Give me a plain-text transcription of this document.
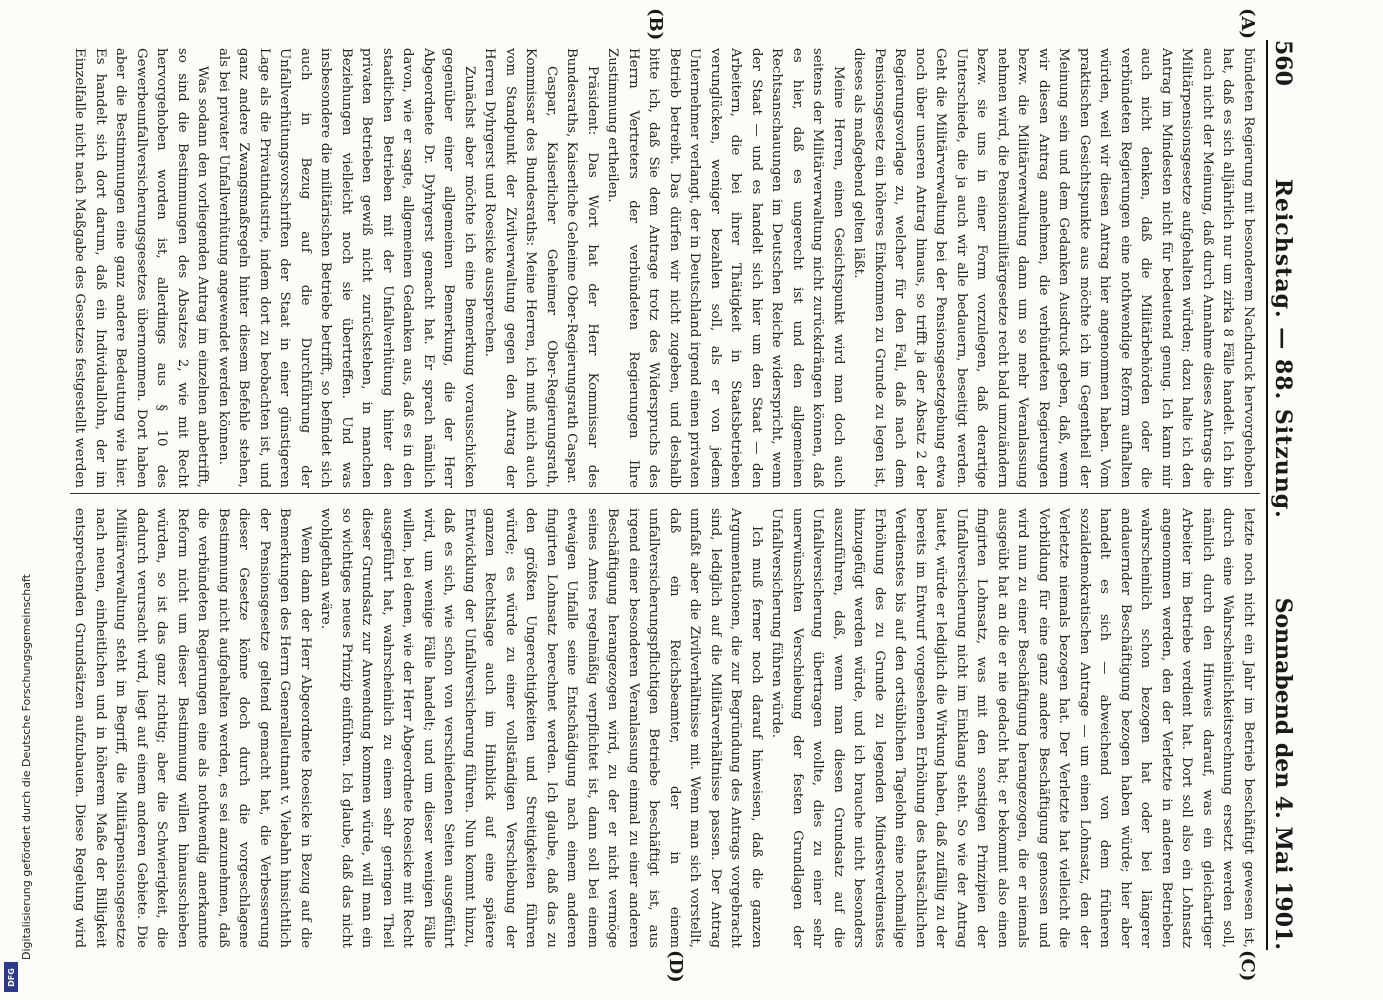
Digitalisierung gefördert durch die Deutsche Forschungsgemeinschaft
DFG
560
Reichstag. — 88. Sitzung.
Sonnabend den 4. Mai 1901.
(A)
(B)
(C)
(D)

bündeten Regierung mit besonderem Nachdruck hervorgehoben hat, daß es sich alljährlich nur um zirka 8 Fälle handelt. Ich bin auch nicht der Meinung, daß durch Annahme dieses Antrags die Militärpensionsgesetze aufgehalten würden; dazu halte ich den Antrag im Mindesten nicht für bedeutend genug. Ich kann mir auch nicht denken, daß die Militärbehörden oder die verbündeten Regierungen eine nothwendige Reform aufhalten würden, weil wir diesen Antrag hier angenommen haben. Vom praktischen Gesichtspunkte aus möchte ich im Gegentheil der Meinung sein und dem Gedanken Ausdruck geben, daß, wenn wir diesen Antrag annehmen, die verbündeten Regierungen bezw. die Militärverwaltung dann um so mehr Veranlassung nehmen wird, die Pensionsmilitärgesetze recht bald umzuändern bezw. sie uns in einer Form vorzulegen, daß derartige Unterschiede, die ja auch wir alle bedauern, beseitigt werden. Geht die Militärverwaltung bei der Pensionsgesetzgebung etwa noch über unseren Antrag hinaus, so trifft ja der Absatz 2 der Regierungsvorlage zu, welcher für den Fall, daß nach dem Pensionsgesetz ein höheres Einkommen zu Grunde zu legen ist, dieses als maßgebend gelten läßt.

Meine Herren, einen Gesichtspunkt wird man doch auch seitens der Militärverwaltung nicht zurückdrängen können, daß es hier, daß es ungerecht ist und den allgemeinen Rechtsanschauungen im Deutschen Reiche widerspricht, wenn der Staat — und es handelt sich hier um den Staat — den Arbeitern, die bei ihrer Thätigkeit in Staatsbetrieben verunglücken, weniger bezahlen soll, als er von jedem Unternehmer verlangt, der in Deutschland irgend einen privaten Betrieb betreibt. Das dürfen wir nicht zugeben, und deshalb bitte ich, daß Sie dem Antrage trotz des Widerspruchs des Herrn Vertreters der verbündeten Regierungen Ihre Zustimmung ertheilen.

Präsident: Das Wort hat der Herr Kommissar des Bundesraths, Kaiserliche Geheime Ober-Regierungsrath Caspar.

Caspar, Kaiserlicher Geheimer Ober-Regierungsrath, Kommissar des Bundesraths: Meine Herren, ich muß mich auch vom Standpunkt der Zivilverwaltung gegen den Antrag der Herren Dyhrgerst und Roesicke aussprechen.

Zunächst aber möchte ich eine Bemerkung vorausschicken gegenüber einer allgemeinen Bemerkung, die der Herr Abgeordnete Dr. Dyhrgerst gemacht hat. Er sprach nämlich davon, wie er sagte, allgemeinen Gedanken aus, daß es in den staatlichen Betrieben mit der Unfallverhütung hinter den privaten Betrieben gewiß nicht zurückstehen, in manchen Beziehungen vielleicht noch sie übertreffen. Und was insbesondere die militärischen Betriebe betrifft, so befindet sich auch in Bezug auf die Durchführung der Unfallverhütungsvorschriften der Staat in einer günstigeren Lage als die Privatindustrie, indem dort zu beobachten ist, und ganz andere Zwangsmaßregeln hinter diesem Befehle stehen, als bei privater Unfallverhütung angewendet werden können.

Was sodann den vorliegenden Antrag im einzelnen anbetrifft, so sind die Bestimmungen des Absatzes 2, wie mit Recht hervorgehoben worden ist, allerdings aus § 10 des Gewerbeunfallversicherungsgesetzes übernommen. Dort haben aber die Bestimmungen eine ganz andere Bedeutung wie hier. Es handelt sich dort darum, daß ein Individuallohn, der im Einzelfalle nicht nach Maßgabe des Gesetzes festgestellt werden

letzte noch nicht ein Jahr im Betrieb beschäftigt gewesen ist, durch eine Wahrscheinlichkeitsrechnung ersetzt werden soll, nämlich durch den Hinweis darauf, was ein gleichartiger Arbeiter im Betriebe verdient hat. Dort soll also ein Lohnsatz angenommen werden, den der Verletzte in anderen Betrieben wahrscheinlich schon bezogen hat oder bei längerer andauernder Beschäftigung bezogen haben würde; hier aber handelt es sich — abweichend von dem früheren sozialdemokratischen Antrage — um einen Lohnsatz, den der Verletzte niemals bezogen hat. Der Verletzte hat vielleicht die Vorbildung für eine ganz andere Beschäftigung genossen und wird nun zu einer Beschäftigung herangezogen, die er niemals ausgeübt hat an die er nie gedacht hat; er bekommt also einen fingirten Lohnsatz, was mit den sonstigen Prinzipien der Unfallversicherung nicht im Einklang steht. So wie der Antrag lautet, würde er lediglich die Wirkung haben, daß zufällig zu der bereits im Entwurf vorgesehenen Erhöhung des thatsächlichen Verdienstes bis auf den ortsüblichen Tagelohn eine nochmalige Erhöhung des zu Grunde zu legenden Mindestverdienstes hinzugefügt werden würde, und ich brauche nicht besonders auszuführen, daß, wenn man diesen Grundsatz auf die Unfallversicherung übertragen wollte, dies zu einer sehr unerwünschten Verschiebung der festen Grundlagen der Unfallversicherung führen würde.

Ich muß ferner noch darauf hinweisen, daß die ganzen Argumentationen, die zur Begründung des Antrags vorgebracht sind, lediglich auf die Militärverhältnisse passen. Der Antrag umfaßt aber die Zivilverhältnisse mit. Wenn man sich vorstellt, daß ein Reichsbeamter, der in einem unfallversicherungspflichtigen Betriebe beschäftigt ist, aus irgend einer besonderen Veranlassung einmal zu einer anderen Beschäftigung herangezogen wird, zu der er nicht vermöge seines Amtes regelmäßig verpflichtet ist, dann soll bei einem etwaigen Unfalle seine Entschädigung nach einem anderen fingirten Lohnsatz berechnet werden. Ich glaube, daß das zu den größten Ungerechtigkeiten und Streitigkeiten führen würde; es würde zu einer vollständigen Verschiebung der ganzen Rechtslage auch im Hinblick auf eine spätere Entwicklung der Unfallversicherung führen. Nun kommt hinzu, daß es sich, wie schon von verschiedenen Seiten ausgeführt wird, um wenige Fälle handelt; und um dieser wenigen Fälle willen, bei denen, wie der Herr Abgeordnete Roesicke mit Recht ausgeführt hat, wahrscheinlich zu einem sehr geringen Theil dieser Grundsatz zur Anwendung kommen würde, will man ein so wichtiges neues Prinzip einführen. Ich glaube, daß das nicht wohlgethan wäre.

Wenn dann der Herr Abgeordnete Roesicke in Bezug auf die Bemerkungen des Herrn Generalleutnant v. Viebahn hinsichtlich der Pensionsgesetze geltend gemacht hat, die Verbesserung dieser Gesetze könne doch durch die vorgeschlagene Bestimmung nicht aufgehalten werden, es sei anzunehmen, daß die verbündeten Regierungen eine als nothwendig anerkannte Reform nicht um dieser Bestimmung willen hinausschieben würden, so ist das ganz richtig; aber die Schwierigkeit, die dadurch verursacht wird, liegt auf einem anderen Gebiete. Die Militärverwaltung steht im Begriff, die Militärpensionsgesetze nach neuen, einheitlichen und in höherem Maße der Billigkeit entsprechenden Grundsätzen aufzubauen. Diese Regelung wird
